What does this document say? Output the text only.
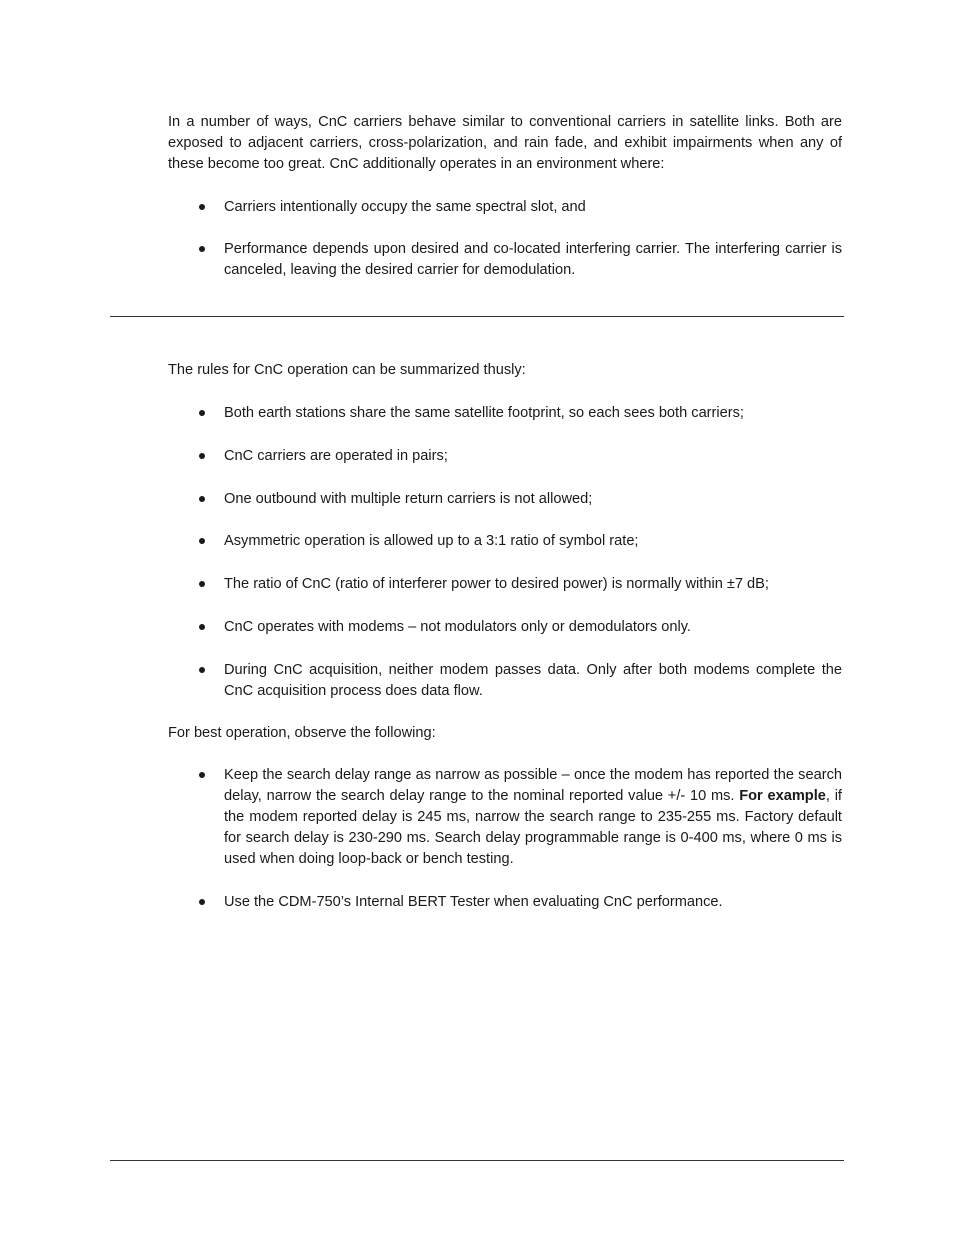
In a number of ways, CnC carriers behave similar to conventional carriers in satellite links. Both are exposed to adjacent carriers, cross-polarization, and rain fade, and exhibit impairments when any of these become too great. CnC additionally operates in an environment where:

Carriers intentionally occupy the same spectral slot, and

Performance depends upon desired and co-located interfering carrier. The interfering carrier is canceled, leaving the desired carrier for demodulation.

The rules for CnC operation can be summarized thusly:

Both earth stations share the same satellite footprint, so each sees both carriers;

CnC carriers are operated in pairs;

One outbound with multiple return carriers is not allowed;

Asymmetric operation is allowed up to a 3:1 ratio of symbol rate;

The ratio of CnC (ratio of interferer power to desired power) is normally within ±7 dB;

CnC operates with modems – not modulators only or demodulators only.

During CnC acquisition, neither modem passes data. Only after both modems complete the CnC acquisition process does data flow.

For best operation, observe the following:

Keep the search delay range as narrow as possible – once the modem has reported the search delay, narrow the search delay range to the nominal reported value +/- 10 ms. For example, if the modem reported delay is 245 ms, narrow the search range to 235-255 ms. Factory default for search delay is 230-290 ms. Search delay programmable range is 0-400 ms, where 0 ms is used when doing loop-back or bench testing.

Use the CDM-750’s Internal BERT Tester when evaluating CnC performance.
